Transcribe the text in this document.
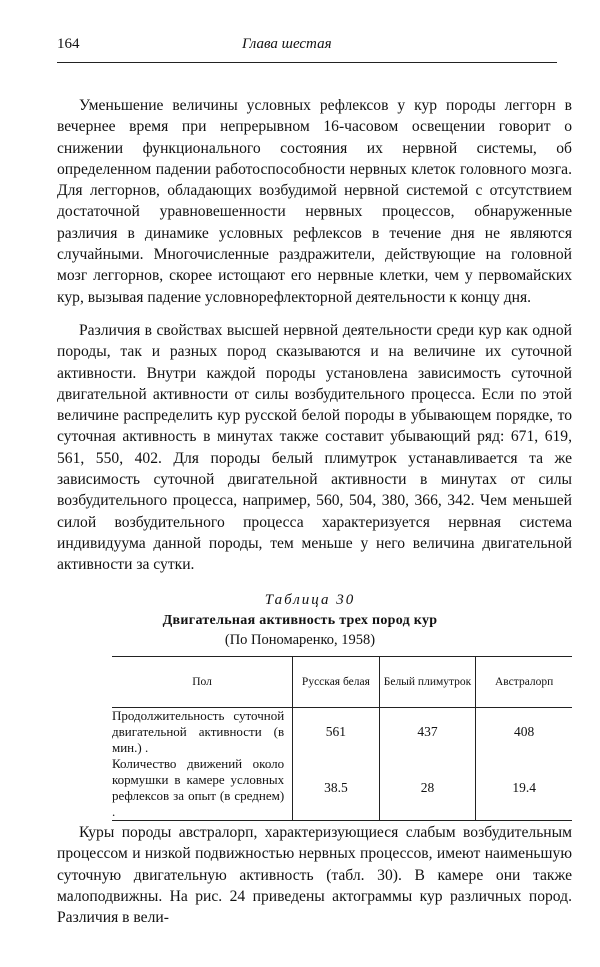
164	Глава шестая

Уменьшение величины условных рефлексов у кур породы леггорн в вечернее время при непрерывном 16-часовом освещении говорит о снижении функционального состояния их нервной системы, об определенном падении работоспособности нервных клеток головного мозга. Для леггорнов, обладающих возбудимой нервной системой с отсутствием достаточной уравновешенности нервных процессов, обнаруженные различия в динамике условных рефлексов в течение дня не являются случайными. Многочисленные раздражители, действующие на головной мозг леггорнов, скорее истощают его нервные клетки, чем у первомайских кур, вызывая падение условнорефлекторной деятельности к концу дня.

Различия в свойствах высшей нервной деятельности среди кур как одной породы, так и разных пород сказываются и на величине их суточной активности. Внутри каждой породы установлена зависимость суточной двигательной активности от силы возбудительного процесса. Если по этой величине распределить кур русской белой породы в убывающем порядке, то суточная активность в минутах также составит убывающий ряд: 671, 619, 561, 550, 402. Для породы белый плимутрок устанавливается та же зависимость суточной двигательной активности в минутах от силы возбудительного процесса, например, 560, 504, 380, 366, 342. Чем меньшей силой возбудительного процесса характеризуется нервная система индивидуума данной породы, тем меньше у него величина двигательной активности за сутки.

Таблица 30

Двигательная активность трех пород кур

(По Пономаренко, 1958)

Пол	Русская белая	Белый плимутрок	Австралорп
Продолжительность суточной двигательной активности (в мин.) .	561	437	408
Количество движений около кормушки в камере условных рефлексов за опыт (в среднем) .	38.5	28	19.4

Куры породы австралорп, характеризующиеся слабым возбудительным процессом и низкой подвижностью нервных процессов, имеют наименьшую суточную двигательную активность (табл. 30). В камере они также малоподвижны. На рис. 24 приведены актограммы кур различных пород. Различия в вели-
